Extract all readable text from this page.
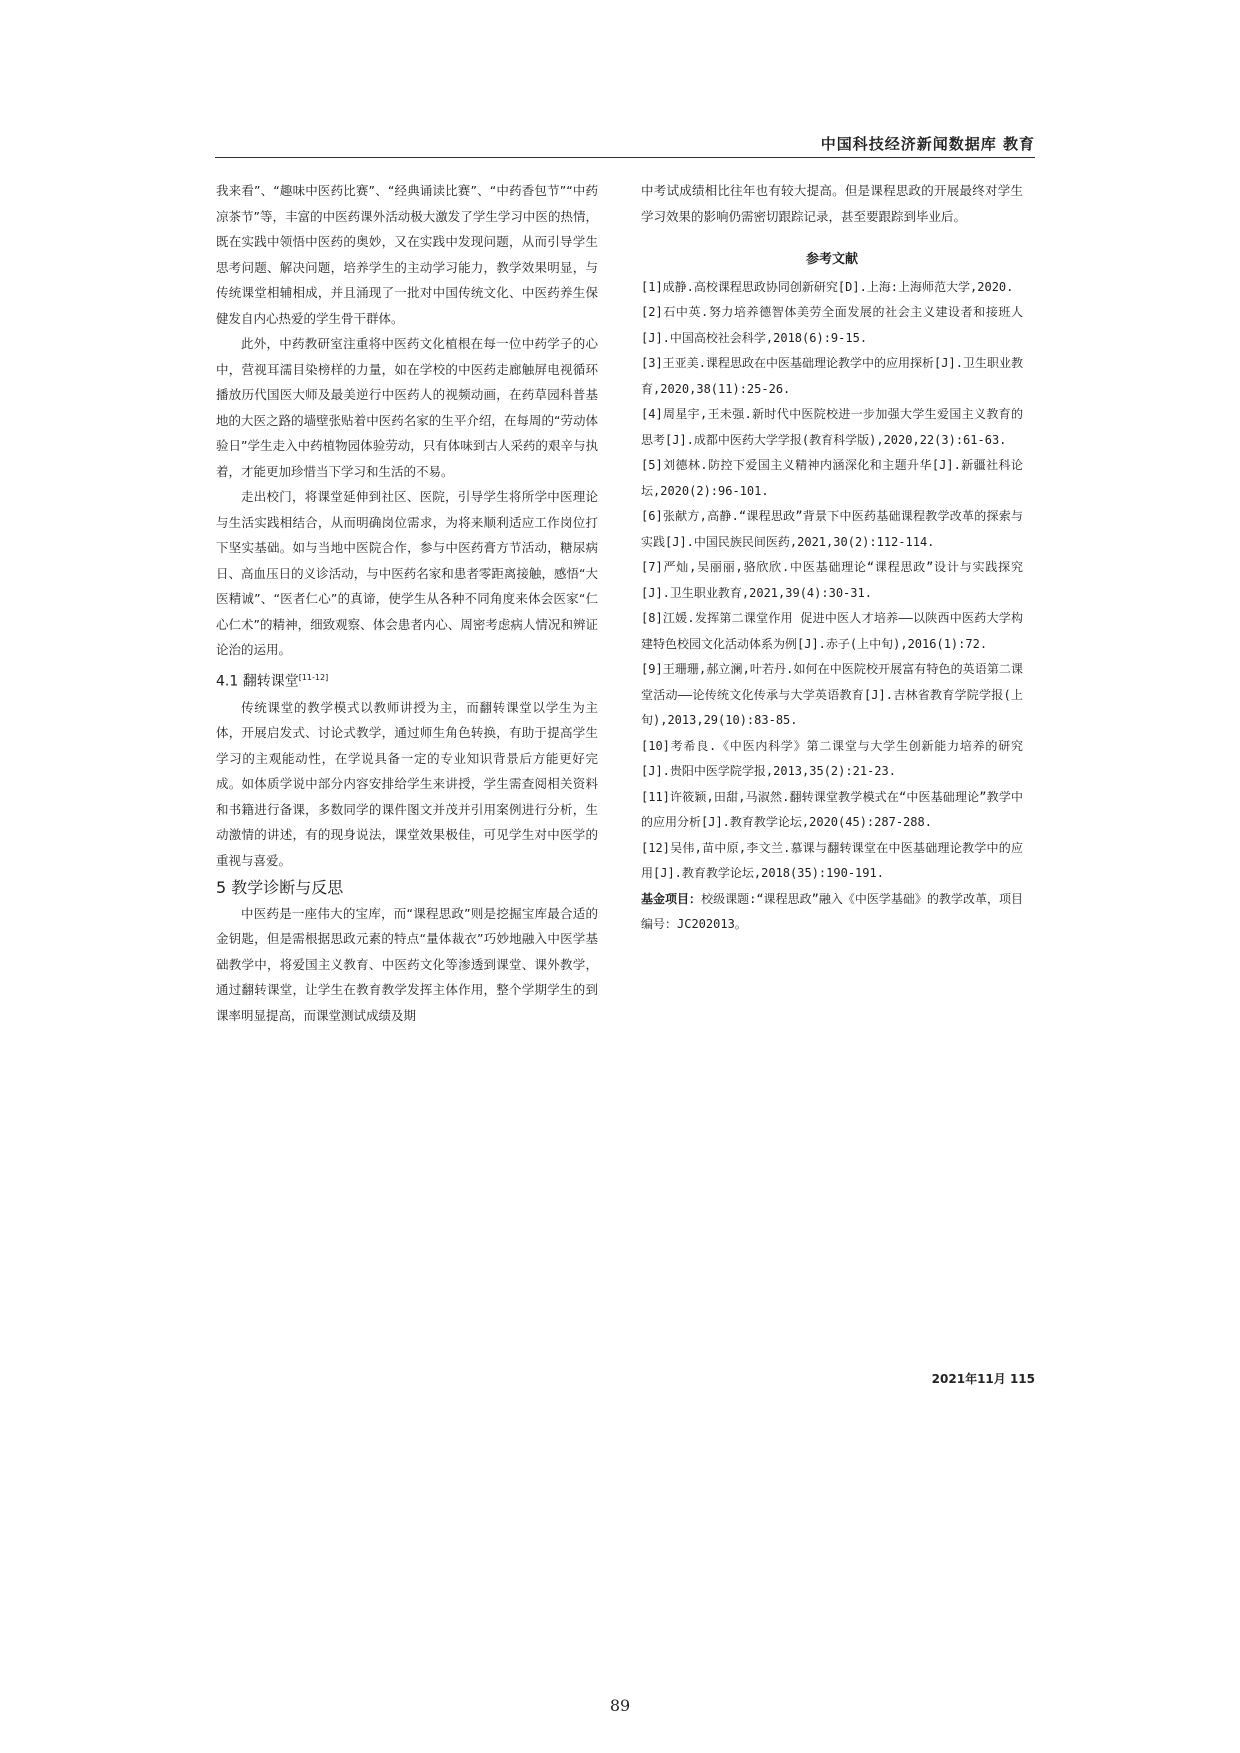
中国科技经济新闻数据库 教育

我来看”、“趣味中医药比赛”、“经典诵读比赛”、“中药香包节”“中药凉茶节”等，丰富的中医药课外活动极大激发了学生学习中医的热情，既在实践中领悟中医药的奥妙，又在实践中发现问题，从而引导学生思考问题、解决问题，培养学生的主动学习能力，教学效果明显，与传统课堂相辅相成，并且涌现了一批对中国传统文化、中医药养生保健发自内心热爱的学生骨干群体。

此外，中药教研室注重将中医药文化植根在每一位中药学子的心中，营视耳濡目染榜样的力量，如在学校的中医药走廊触屏电视循环播放历代国医大师及最美逆行中医药人的视频动画，在药草园科普基地的大医之路的墙壁张贴着中医药名家的生平介绍，在每周的“劳动体验日”学生走入中药植物园体验劳动，只有体味到古人采药的艰辛与执着，才能更加珍惜当下学习和生活的不易。

走出校门，将课堂延伸到社区、医院，引导学生将所学中医理论与生活实践相结合，从而明确岗位需求，为将来顺利适应工作岗位打下坚实基础。如与当地中医院合作，参与中医药膏方节活动，糖尿病日、高血压日的义诊活动，与中医药名家和患者零距离接触，感悟“大医精诚”、“医者仁心”的真谛，使学生从各种不同角度来体会医家“仁心仁术”的精神，细致观察、体会患者内心、周密考虑病人情况和辨证论治的运用。

4.1 翻转课堂[11-12]

传统课堂的教学模式以教师讲授为主，而翻转课堂以学生为主体，开展启发式、讨论式教学，通过师生角色转换，有助于提高学生学习的主观能动性，在学说具备一定的专业知识背景后方能更好完成。如体质学说中部分内容安排给学生来讲授，学生需查阅相关资料和书籍进行备课，多数同学的课件图文并茂并引用案例进行分析，生动激情的讲述，有的现身说法，课堂效果极佳，可见学生对中医学的重视与喜爱。

5 教学诊断与反思

中医药是一座伟大的宝库，而“课程思政”则是挖掘宝库最合适的金钥匙，但是需根据思政元素的特点“量体裁衣”巧妙地融入中医学基础教学中，将爱国主义教育、中医药文化等渗透到课堂、课外教学，通过翻转课堂，让学生在教育教学发挥主体作用，整个学期学生的到课率明显提高，而课堂测试成绩及期

中考试成绩相比往年也有较大提高。但是课程思政的开展最终对学生学习效果的影响仍需密切跟踪记录，甚至要跟踪到毕业后。

参考文献
[1]成静.高校课程思政协同创新研究[D].上海:上海师范大学,2020.
[2]石中英.努力培养德智体美劳全面发展的社会主义建设者和接班人[J].中国高校社会科学,2018(6):9-15.
[3]王亚美.课程思政在中医基础理论教学中的应用探析[J].卫生职业教育,2020,38(11):25-26.
[4]周星宇,王未强.新时代中医院校进一步加强大学生爱国主义教育的思考[J].成都中医药大学学报(教育科学版),2020,22(3):61-63.
[5]刘德林.防控下爱国主义精神内涵深化和主题升华[J].新疆社科论坛,2020(2):96-101.
[6]张献方,高静.“课程思政”背景下中医药基础课程教学改革的探索与实践[J].中国民族民间医药,2021,30(2):112-114.
[7]严灿,吴丽丽,骆欣欣.中医基础理论“课程思政”设计与实践探究[J].卫生职业教育,2021,39(4):30-31.
[8]江媛.发挥第二课堂作用 促进中医人才培养——以陕西中医药大学构建特色校园文化活动体系为例[J].赤子(上中旬),2016(1):72.
[9]王珊珊,郝立澜,叶若丹.如何在中医院校开展富有特色的英语第二课堂活动——论传统文化传承与大学英语教育[J].吉林省教育学院学报(上旬),2013,29(10):83-85.
[10]考希良.《中医内科学》第二课堂与大学生创新能力培养的研究[J].贵阳中医学院学报,2013,35(2):21-23.
[11]许筱颖,田甜,马淑然.翻转课堂教学模式在“中医基础理论”教学中的应用分析[J].教育教学论坛,2020(45):287-288.
[12]吴伟,苗中原,李文兰.慕课与翻转课堂在中医基础理论教学中的应用[J].教育教学论坛,2018(35):190-191.
基金项目：校级课题:“课程思政”融入《中医学基础》的教学改革，项目编号：JC202013。
2021年11月 115
89
